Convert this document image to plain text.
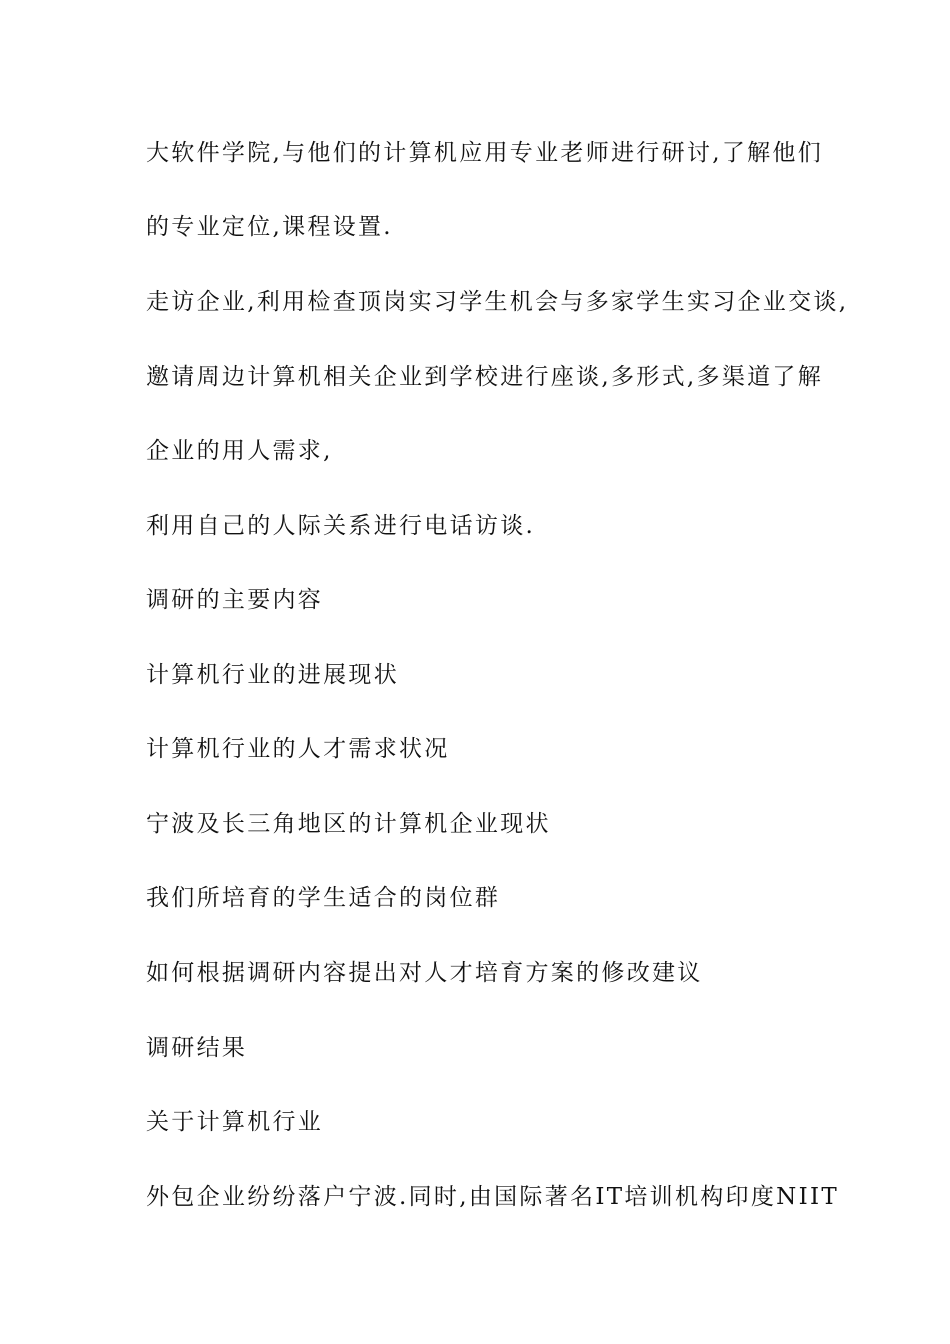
大软件学院,与他们的计算机应用专业老师进行研讨,了解他们
的专业定位,课程设置.
走访企业,利用检查顶岗实习学生机会与多家学生实习企业交谈,
邀请周边计算机相关企业到学校进行座谈,多形式,多渠道了解
企业的用人需求,
利用自己的人际关系进行电话访谈.
调研的主要内容
计算机行业的进展现状
计算机行业的人才需求状况
宁波及长三角地区的计算机企业现状
我们所培育的学生适合的岗位群
如何根据调研内容提出对人才培育方案的修改建议
调研结果
关于计算机行业
外包企业纷纷落户宁波.同时,由国际著名IT培训机构印度NIIT
